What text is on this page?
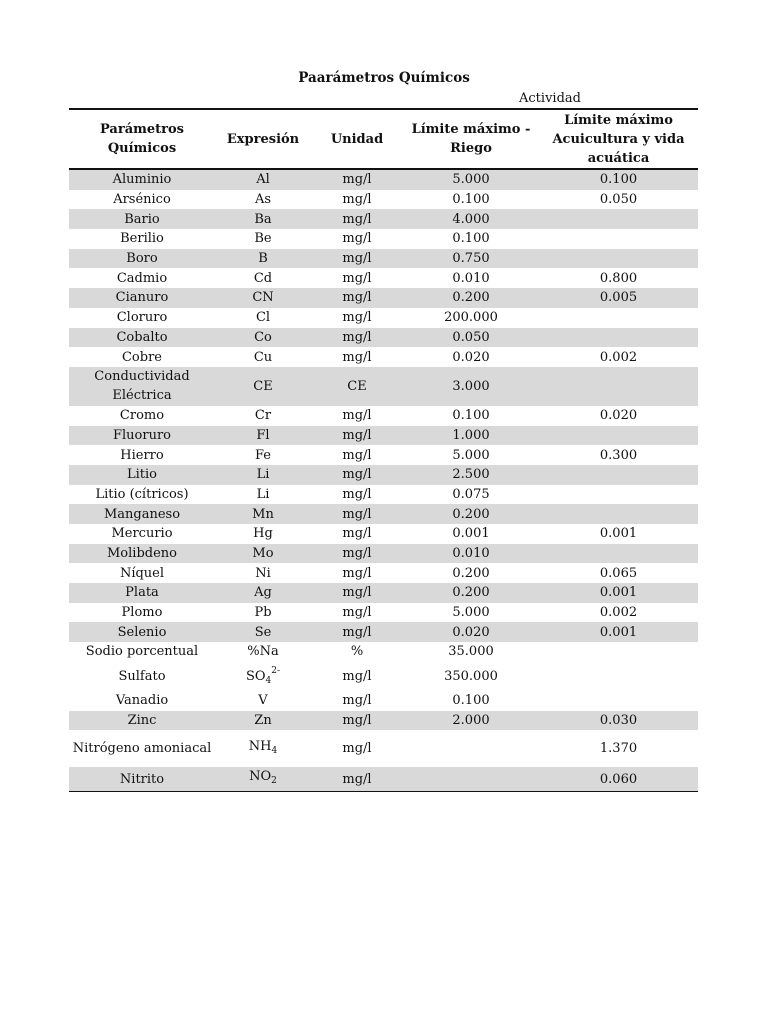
Paarámetros Químicos
Actividad
Parámetros Químicos	Expresión	Unidad	Límite máximo - Riego	Límite máximo Acuicultura y vida acuática
Aluminio	Al	mg/l	5.000	0.100
Arsénico	As	mg/l	0.100	0.050
Bario	Ba	mg/l	4.000	
Berilio	Be	mg/l	0.100	
Boro	B	mg/l	0.750	
Cadmio	Cd	mg/l	0.010	0.800
Cianuro	CN	mg/l	0.200	0.005
Cloruro	Cl	mg/l	200.000	
Cobalto	Co	mg/l	0.050	
Cobre	Cu	mg/l	0.020	0.002
Conductividad Eléctrica	CE	CE	3.000	
Cromo	Cr	mg/l	0.100	0.020
Fluoruro	Fl	mg/l	1.000	
Hierro	Fe	mg/l	5.000	0.300
Litio	Li	mg/l	2.500	
Litio (cítricos)	Li	mg/l	0.075	
Manganeso	Mn	mg/l	0.200	
Mercurio	Hg	mg/l	0.001	0.001
Molibdeno	Mo	mg/l	0.010	
Níquel	Ni	mg/l	0.200	0.065
Plata	Ag	mg/l	0.200	0.001
Plomo	Pb	mg/l	5.000	0.002
Selenio	Se	mg/l	0.020	0.001
Sodio porcentual	%Na	%	35.000	
Sulfato	$SO_4^{2-}$	mg/l	350.000	
Vanadio	V	mg/l	0.100	
Zinc	Zn	mg/l	2.000	0.030
Nitrógeno amoniacal	$NH_4$	mg/l		1.370
Nitrito	$NO_2$	mg/l		0.060
